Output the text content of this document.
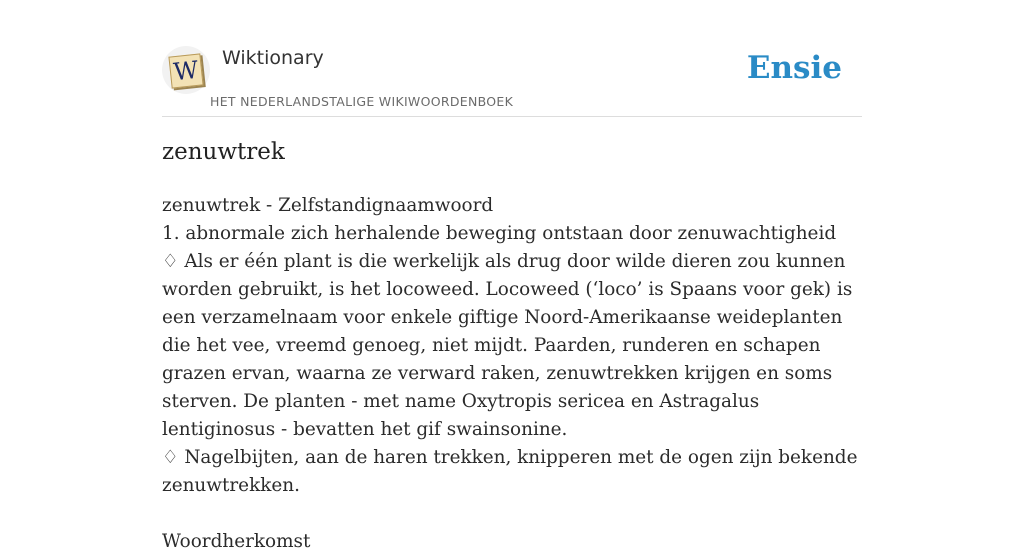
W Wiktionary
HET NEDERLANDSTALIGE WIKIWOORDENBOEK
Ensie
zenuwtrek

zenuwtrek - Zelfstandignaamwoord

1. abnormale zich herhalende beweging ontstaan door zenuwachtigheid

♢ Als er één plant is die werkelijk als drug door wilde dieren zou kunnen worden gebruikt, is het locoweed. Locoweed (‘loco’ is Spaans voor gek) is een verzamelnaam voor enkele giftige Noord-Amerikaanse weideplanten die het vee, vreemd genoeg, niet mijdt. Paarden, runderen en schapen grazen ervan, waarna ze verward raken, zenuwtrekken krijgen en soms sterven. De planten - met name Oxytropis sericea en Astragalus lentiginosus - bevatten het gif swainsonine.

♢ Nagelbijten, aan de haren trekken, knipperen met de ogen zijn bekende zenuwtrekken.

Woordherkomst
